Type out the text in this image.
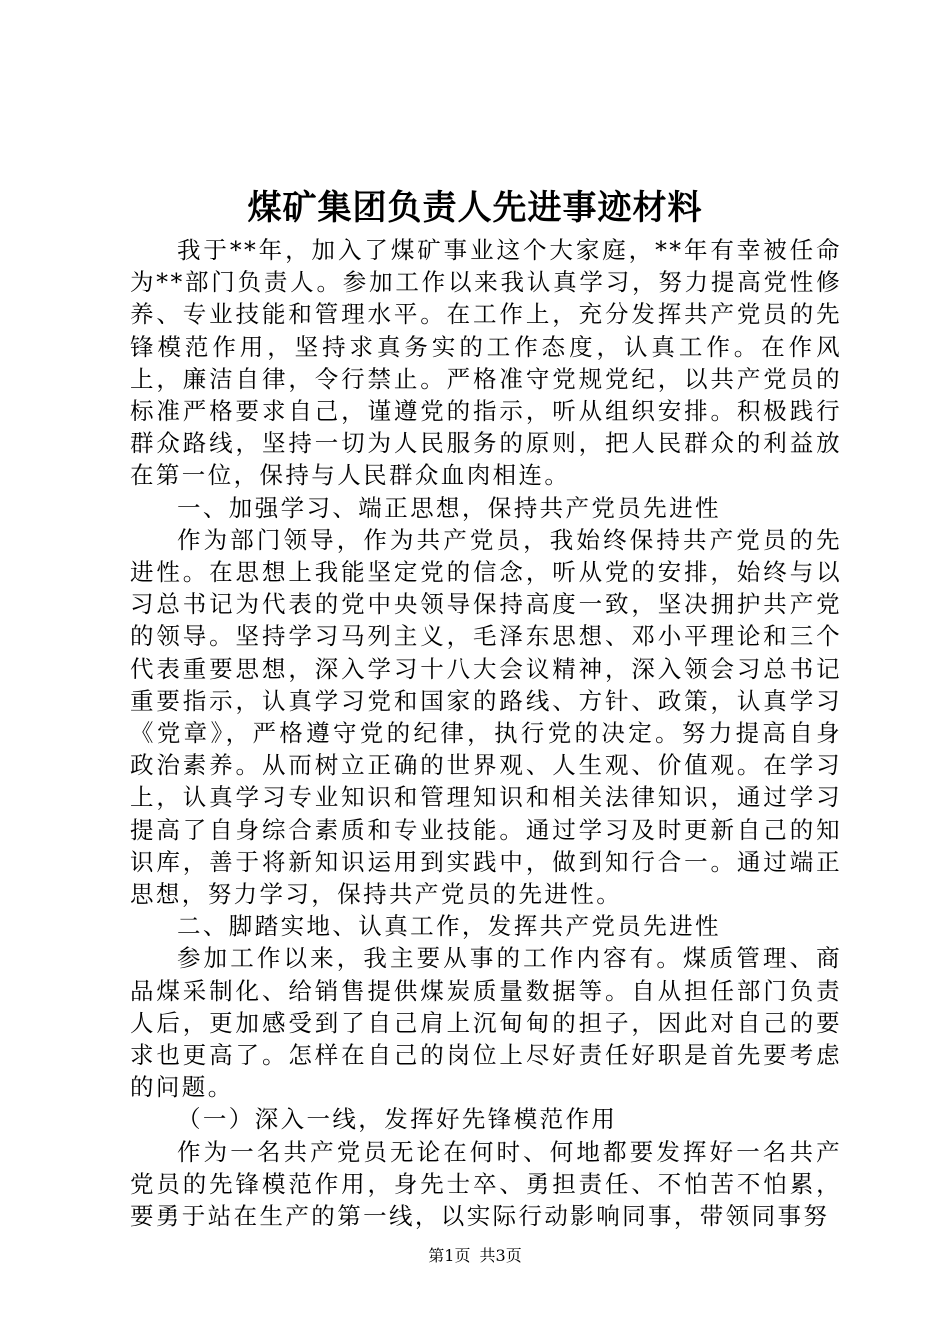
煤矿集团负责人先进事迹材料

我于**年，加入了煤矿事业这个大家庭，**年有幸被任命为**部门负责人。参加工作以来我认真学习，努力提高党性修养、专业技能和管理水平。在工作上，充分发挥共产党员的先锋模范作用，坚持求真务实的工作态度，认真工作。在作风上，廉洁自律，令行禁止。严格准守党规党纪，以共产党员的标准严格要求自己，谨遵党的指示，听从组织安排。积极践行群众路线，坚持一切为人民服务的原则，把人民群众的利益放在第一位，保持与人民群众血肉相连。

一、加强学习、端正思想，保持共产党员先进性

作为部门领导，作为共产党员，我始终保持共产党员的先进性。在思想上我能坚定党的信念，听从党的安排，始终与以习总书记为代表的党中央领导保持高度一致，坚决拥护共产党的领导。坚持学习马列主义，毛泽东思想、邓小平理论和三个代表重要思想，深入学习十八大会议精神，深入领会习总书记重要指示，认真学习党和国家的路线、方针、政策，认真学习《党章》，严格遵守党的纪律，执行党的决定。努力提高自身政治素养。从而树立正确的世界观、人生观、价值观。在学习上，认真学习专业知识和管理知识和相关法律知识，通过学习提高了自身综合素质和专业技能。通过学习及时更新自己的知识库，善于将新知识运用到实践中，做到知行合一。通过端正思想，努力学习，保持共产党员的先进性。

二、脚踏实地、认真工作，发挥共产党员先进性

参加工作以来，我主要从事的工作内容有。煤质管理、商品煤采制化、给销售提供煤炭质量数据等。自从担任部门负责人后，更加感受到了自己肩上沉甸甸的担子，因此对自己的要求也更高了。怎样在自己的岗位上尽好责任好职是首先要考虑的问题。

（一）深入一线，发挥好先锋模范作用

作为一名共产党员无论在何时、何地都要发挥好一名共产党员的先锋模范作用，身先士卒、勇担责任、不怕苦不怕累，要勇于站在生产的第一线，以实际行动影响同事，带领同事努

第1页 共3页
